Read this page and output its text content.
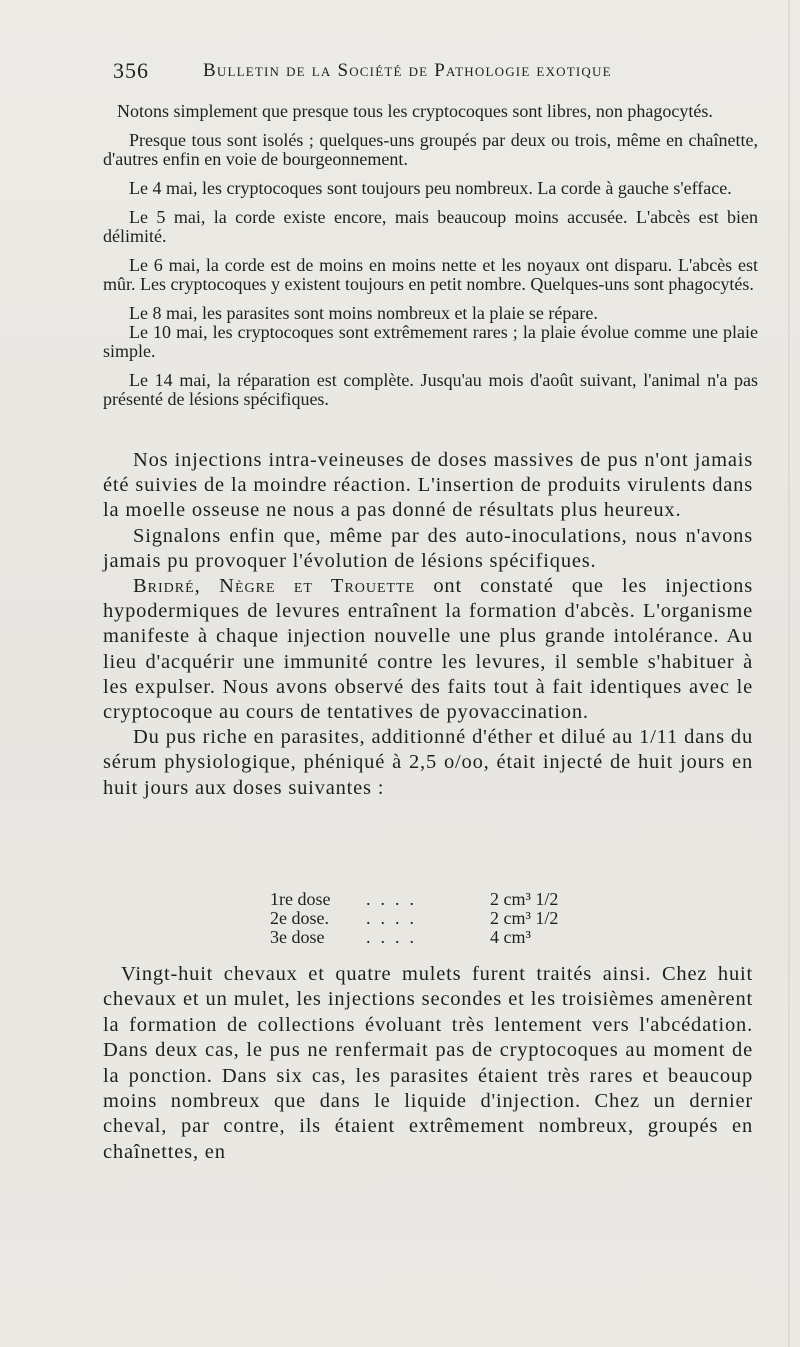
356	Bulletin de la Société de Pathologie exotique

Notons simplement que presque tous les cryptocoques sont libres, non phagocytés.

Presque tous sont isolés ; quelques-uns groupés par deux ou trois, même en chaînette, d'autres enfin en voie de bourgeonnement.

Le 4 mai, les cryptocoques sont toujours peu nombreux. La corde à gauche s'efface.

Le 5 mai, la corde existe encore, mais beaucoup moins accusée. L'abcès est bien délimité.

Le 6 mai, la corde est de moins en moins nette et les noyaux ont disparu. L'abcès est mûr. Les cryptocoques y existent toujours en petit nombre. Quelques-uns sont phagocytés.

Le 8 mai, les parasites sont moins nombreux et la plaie se répare.

Le 10 mai, les cryptocoques sont extrêmement rares ; la plaie évolue comme une plaie simple.

Le 14 mai, la réparation est complète. Jusqu'au mois d'août suivant, l'animal n'a pas présenté de lésions spécifiques.

Nos injections intra-veineuses de doses massives de pus n'ont jamais été suivies de la moindre réaction. L'insertion de produits virulents dans la moelle osseuse ne nous a pas donné de résultats plus heureux.

Signalons enfin que, même par des auto-inoculations, nous n'avons jamais pu provoquer l'évolution de lésions spécifiques.

Bridré, Nègre et Trouette ont constaté que les injections hypodermiques de levures entraînent la formation d'abcès. L'organisme manifeste à chaque injection nouvelle une plus grande intolérance. Au lieu d'acquérir une immunité contre les levures, il semble s'habituer à les expulser. Nous avons observé des faits tout à fait identiques avec le cryptocoque au cours de tentatives de pyovaccination.

Du pus riche en parasites, additionné d'éther et dilué au 1/11 dans du sérum physiologique, phéniqué à 2,5 o/oo, était injecté de huit jours en huit jours aux doses suivantes :

1re dose	....	2 cm³ 1/2
2e dose.	....	2 cm³ 1/2
3e dose	....	4 cm³

Vingt-huit chevaux et quatre mulets furent traités ainsi. Chez huit chevaux et un mulet, les injections secondes et les troisièmes amenèrent la formation de collections évoluant très lentement vers l'abcédation. Dans deux cas, le pus ne renfermait pas de cryptocoques au moment de la ponction. Dans six cas, les parasites étaient très rares et beaucoup moins nombreux que dans le liquide d'injection. Chez un dernier cheval, par contre, ils étaient extrêmement nombreux, groupés en chaînettes, en
